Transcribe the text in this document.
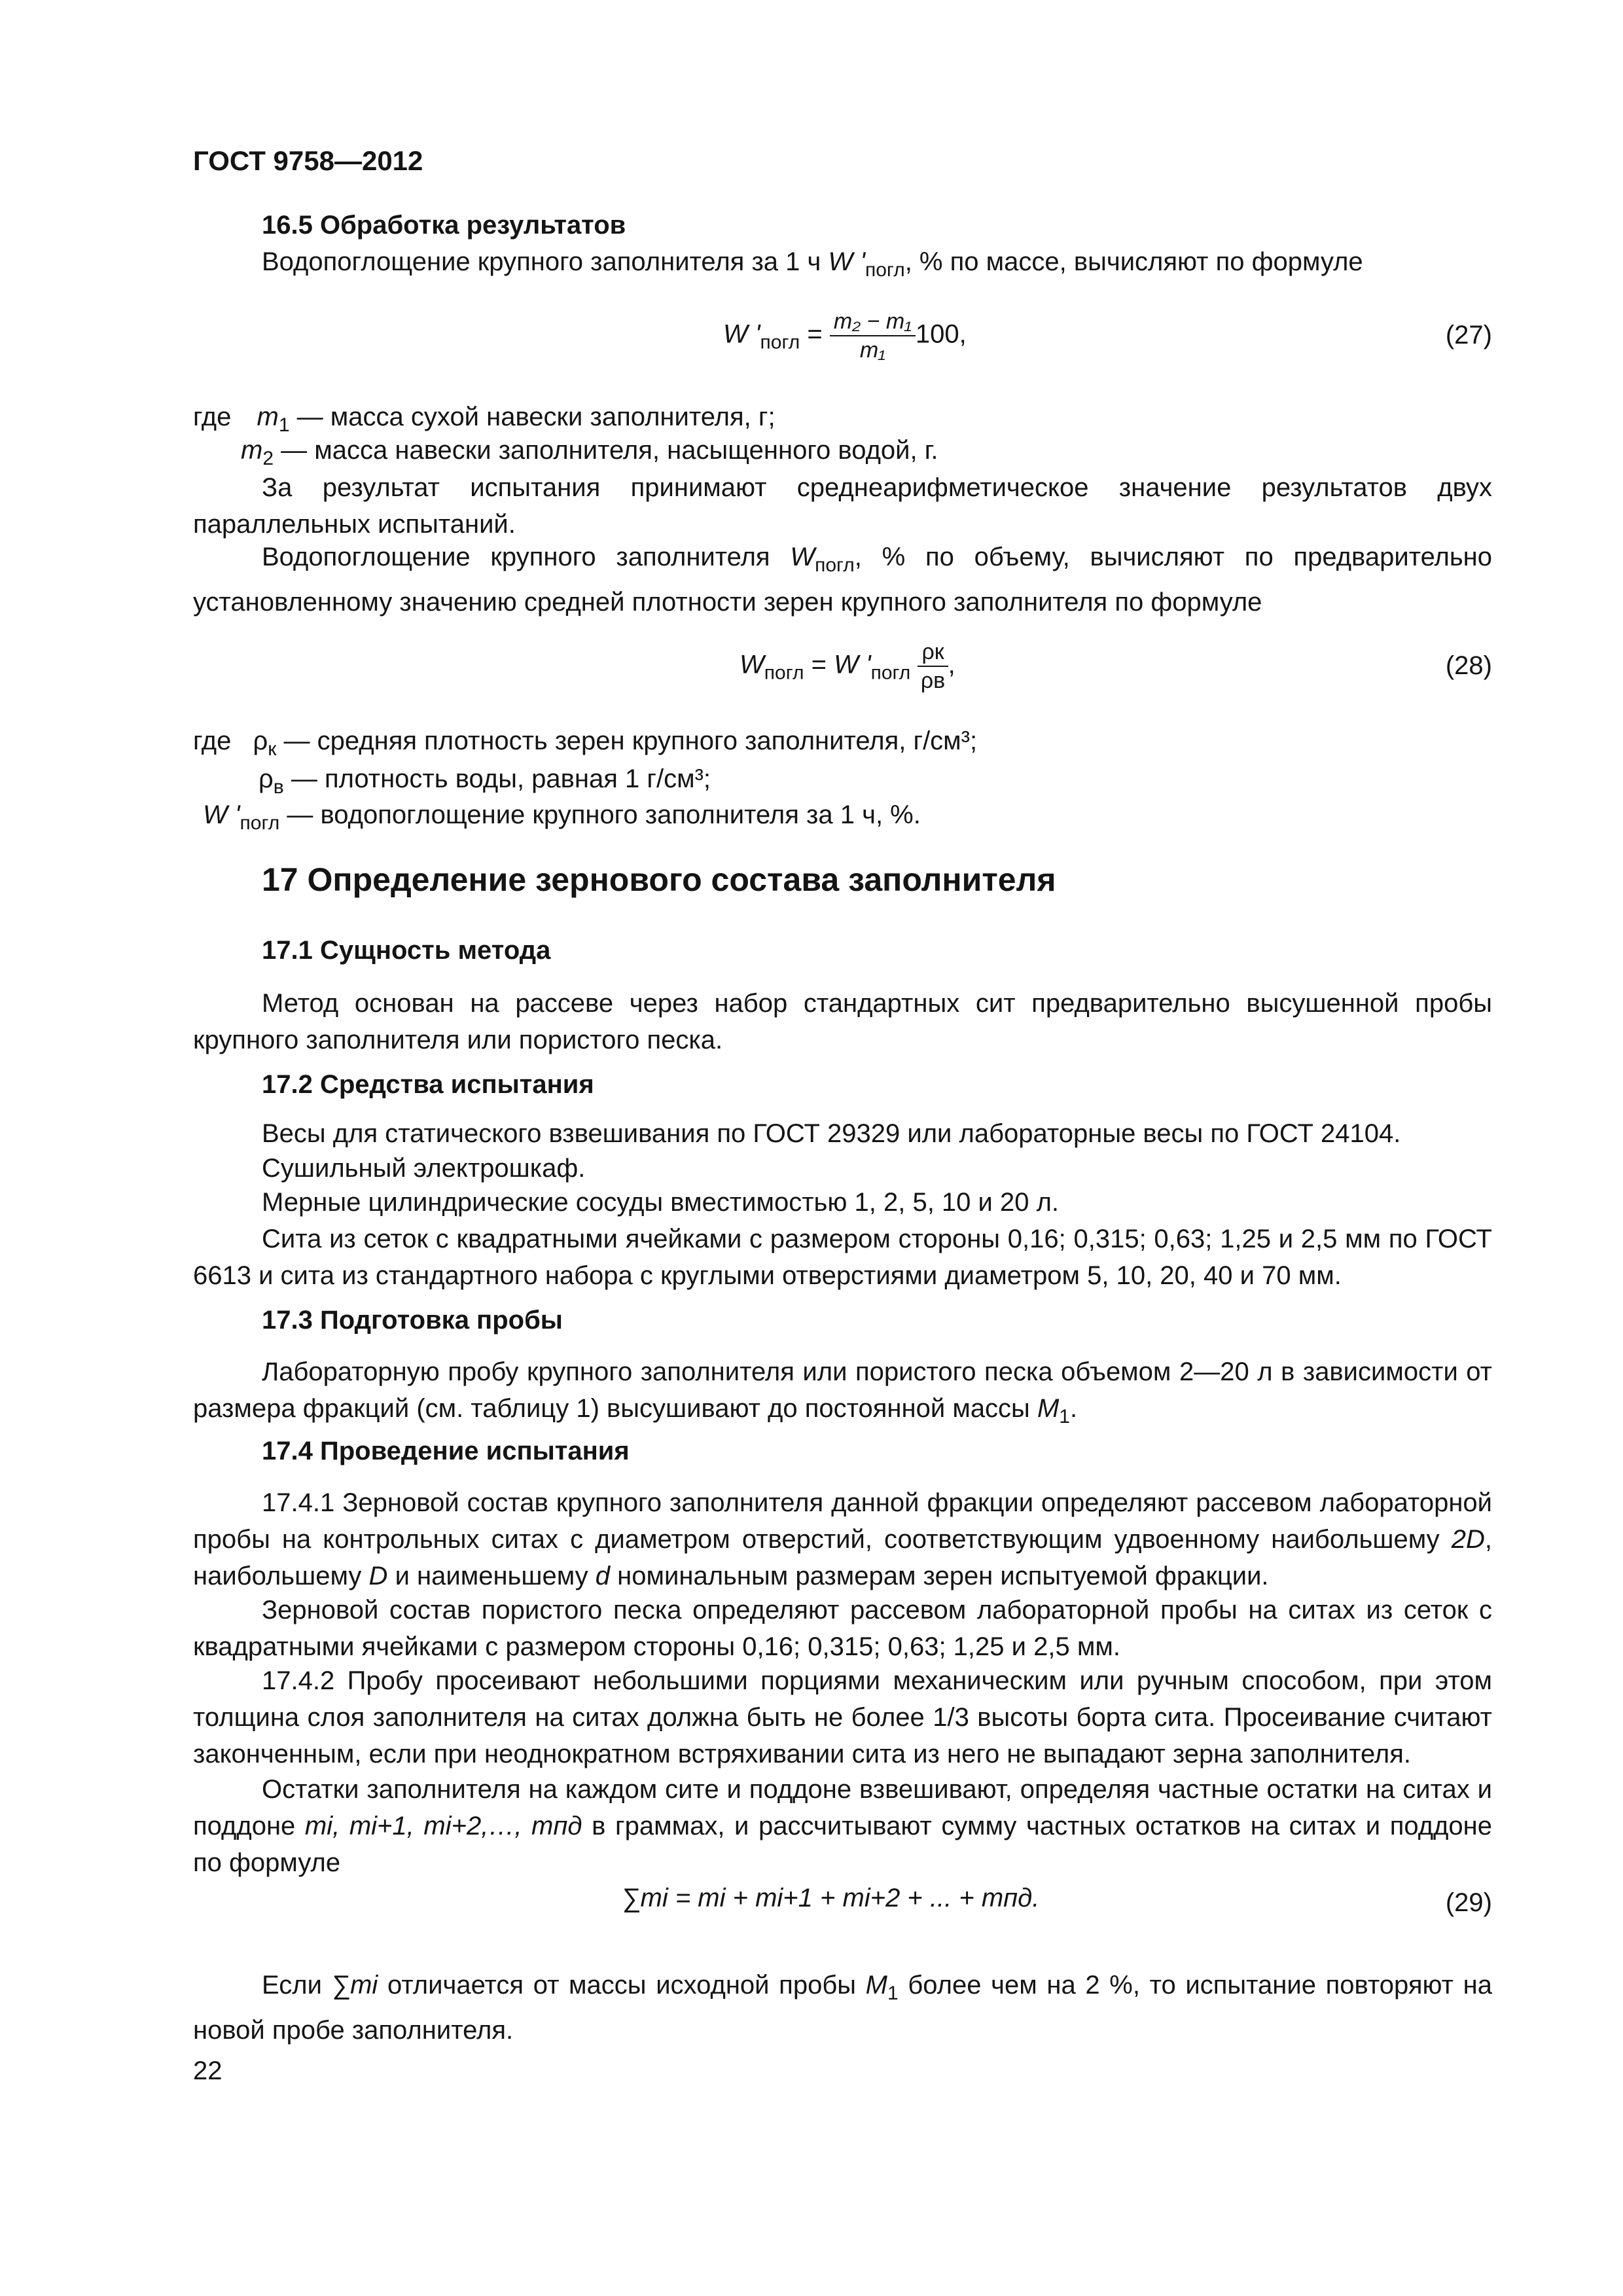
ГОСТ 9758—2012
16.5 Обработка результатов

Водопоглощение крупного заполнителя за 1 ч W '$_{погл}$, % по массе, вычисляют по формуле

W '$_{погл} = \frac{\text{m₂ − m₁}}{\text{m₁}} 100$,	(27)
где $m_1$ — масса сухой навески заполнителя, г;
$m_2$ — масса навески заполнителя, насыщенного водой, г.

За результат испытания принимают среднеарифметическое значение результатов двух параллельных испытаний.

Водопоглощение крупного заполнителя $W_{погл}$, % по объему, вычисляют по предварительно установленному значению средней плотности зерен крупного заполнителя по формуле

$W_{погл} = W$ '$_{погл} \frac{\rho к}{\rho в}$ ,	(28)
где $\rho_к$ — средняя плотность зерен крупного заполнителя, г/см³;
$\rho_в$ — плотность воды, равная 1 г/см³;
W '$_{погл}$ — водопоглощение крупного заполнителя за 1 ч, %.
17 Определение зернового состава заполнителя
17.1 Сущность метода

Метод основан на рассеве через набор стандартных сит предварительно высушенной пробы крупного заполнителя или пористого песка.

17.2 Средства испытания
Весы для статического взвешивания по ГОСТ 29329 или лабораторные весы по ГОСТ 24104.
Сушильный электрошкаф.
Мерные цилиндрические сосуды вместимостью 1, 2, 5, 10 и 20 л.

Сита из сеток с квадратными ячейками с размером стороны 0,16; 0,315; 0,63; 1,25 и 2,5 мм по ГОСТ 6613 и сита из стандартного набора с круглыми отверстиями диаметром 5, 10, 20, 40 и 70 мм.

17.3 Подготовка пробы

Лабораторную пробу крупного заполнителя или пористого песка объемом 2—20 л в зависимости от размера фракций (см. таблицу 1) высушивают до постоянной массы $M_1$.

17.4 Проведение испытания

17.4.1 Зерновой состав крупного заполнителя данной фракции определяют рассевом лабораторной пробы на контрольных ситах с диаметром отверстий, соответствующим удвоенному наибольшему 2D, наибольшему D и наименьшему d номинальным размерам зерен испытуемой фракции.

Зерновой состав пористого песка определяют рассевом лабораторной пробы на ситах из сеток с квадратными ячейками с размером стороны 0,16; 0,315; 0,63; 1,25 и 2,5 мм.

17.4.2 Пробу просеивают небольшими порциями механическим или ручным способом, при этом толщина слоя заполнителя на ситах должна быть не более 1/3 высоты борта сита. Просеивание считают законченным, если при неоднократном встряхивании сита из него не выпадают зерна заполнителя.

Остатки заполнителя на каждом сите и поддоне взвешивают, определяя частные остатки на ситах и поддоне mi, mi+1, mi+2,…, mпд в граммах, и рассчитывают сумму частных остатков на ситах и поддоне по формуле

∑mi = mi + mi+1 + mi+2 + ... + mпд.	(29)

Если ∑mi отличается от массы исходной пробы $M_1$ более чем на 2 %, то испытание повторяют на новой пробе заполнителя.

22
